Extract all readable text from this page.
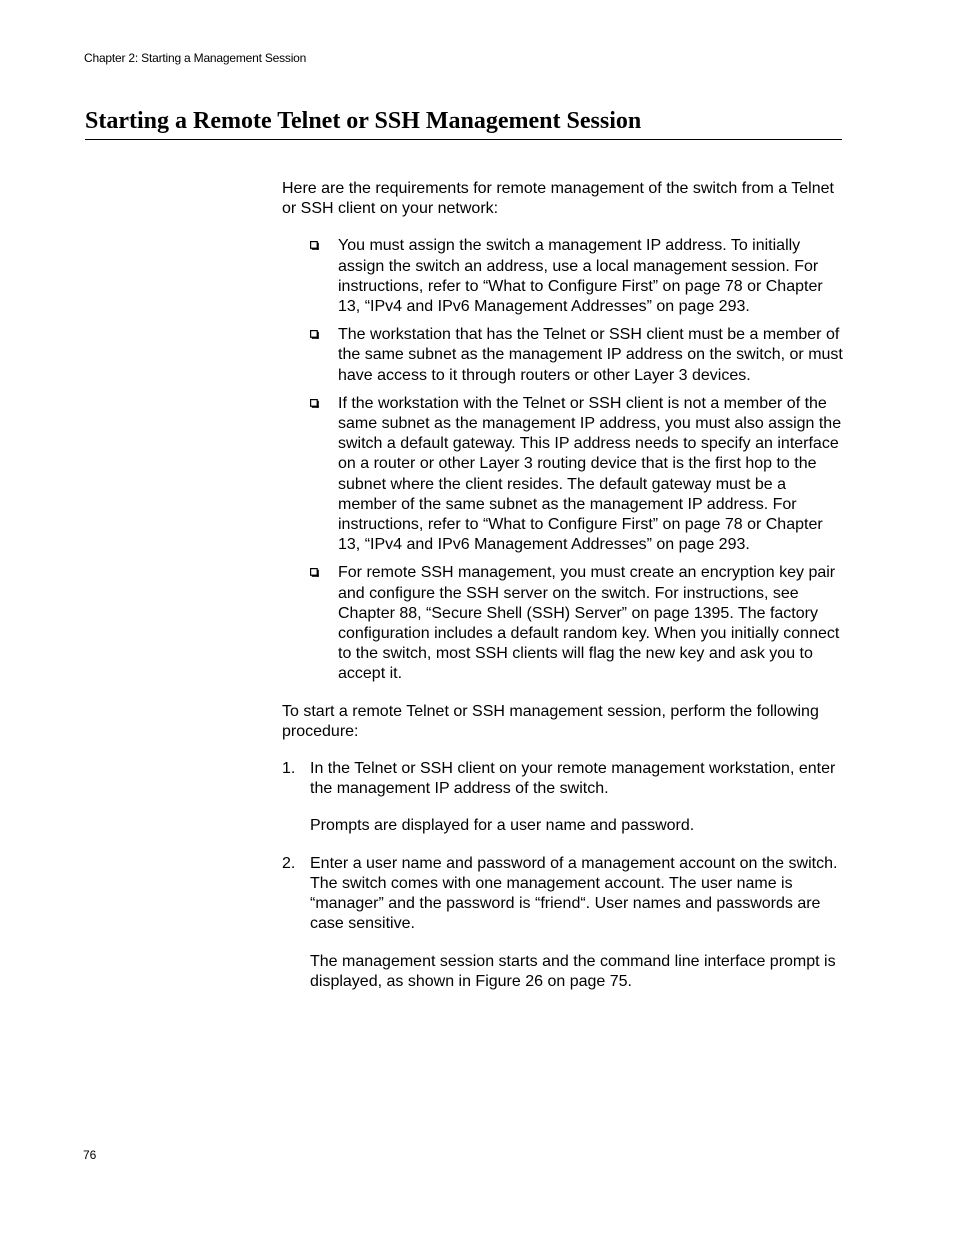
Chapter 2: Starting a Management Session
Starting a Remote Telnet or SSH Management Session

Here are the requirements for remote management of the switch from a Telnet or SSH client on your network:

You must assign the switch a management IP address. To initially assign the switch an address, use a local management session. For instructions, refer to “What to Configure First” on page 78 or Chapter 13, “IPv4 and IPv6 Management Addresses” on page 293.
The workstation that has the Telnet or SSH client must be a member of the same subnet as the management IP address on the switch, or must have access to it through routers or other Layer 3 devices.
If the workstation with the Telnet or SSH client is not a member of the same subnet as the management IP address, you must also assign the switch a default gateway. This IP address needs to specify an interface on a router or other Layer 3 routing device that is the first hop to the subnet where the client resides. The default gateway must be a member of the same subnet as the management IP address. For instructions, refer to “What to Configure First” on page 78 or Chapter 13, “IPv4 and IPv6 Management Addresses” on page 293.
For remote SSH management, you must create an encryption key pair and configure the SSH server on the switch. For instructions, see Chapter 88, “Secure Shell (SSH) Server” on page 1395. The factory configuration includes a default random key. When you initially connect to the switch, most SSH clients will flag the new key and ask you to accept it.

To start a remote Telnet or SSH management session, perform the following procedure:

1. In the Telnet or SSH client on your remote management workstation, enter the management IP address of the switch.

Prompts are displayed for a user name and password.

2. Enter a user name and password of a management account on the switch. The switch comes with one management account. The user name is “manager” and the password is “friend“. User names and passwords are case sensitive.

The management session starts and the command line interface prompt is displayed, as shown in Figure 26 on page 75.

76
